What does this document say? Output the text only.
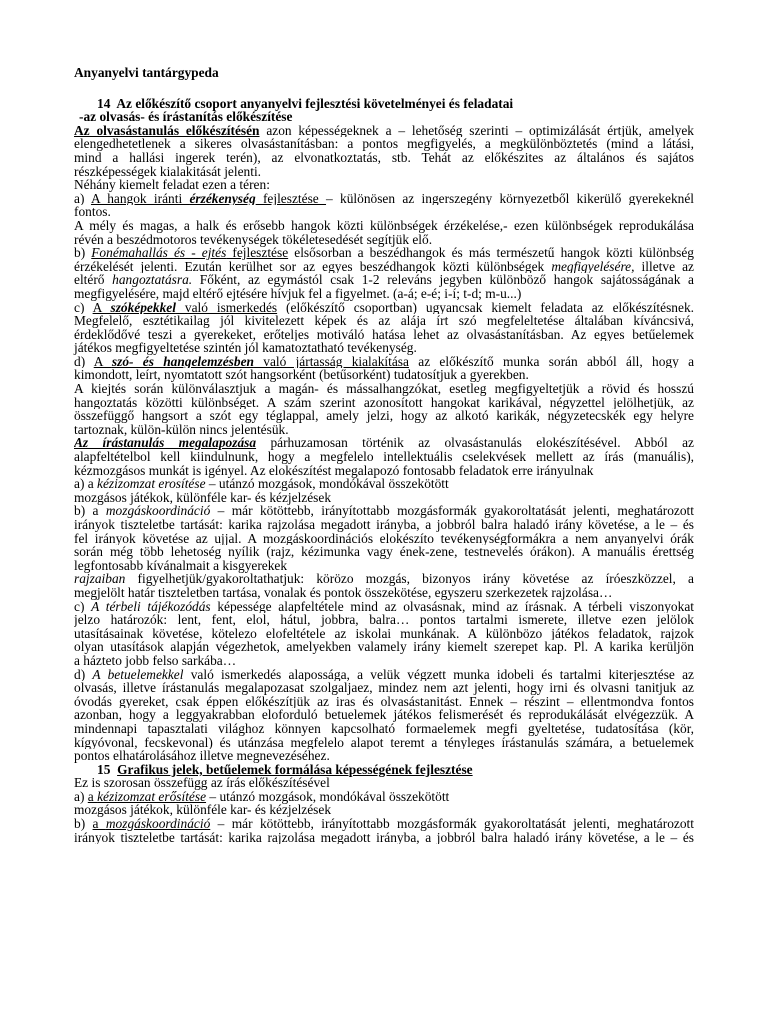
Anyanyelvi tantárgypeda
14 Az előkészítő csoport anyanyelvi fejlesztési követelményei és feladatai
-az olvasás- és írástanítás előkészítése
Az olvasástanulás előkészítésén azon képességeknek a – lehetőség szerinti – optimizálását értjük, amelyek
elengedhetetlenek a sikeres olvasástanításban: a pontos megfigyelés, a megkülönböztetés (mind a látási,
mind a hallási ingerek terén), az elvonatkoztatás, stb. Tehát az előkészites az általános és sajátos
részképességek kialakitását jelenti.
Néhány kiemelt feladat ezen a téren:
a) A hangok iránti érzékenység fejlesztése – különösen az ingerszegény környezetből kikerülő gyerekeknél
fontos.
A mély és magas, a halk és erősebb hangok közti különbségek érzékelése,- ezen különbségek reprodukálása
révén a beszédmotoros tevékenységek tökéletesedését segítjük elő.
b) Fonémahallás és - ejtés fejlesztése elsősorban a beszédhangok és más természetű hangok közti különbség
érzékelését jelenti. Ezután kerülhet sor az egyes beszédhangok közti különbségek megfigyelésére, illetve az
eltérő hangoztatásra. Főként, az egymástól csak 1-2 releváns jegyben különböző hangok sajátosságának a
megfigyelésére, majd eltérő ejtésére hívjuk fel a figyelmet. (a-á; e-é; i-í; t-d; m-u...)
c) A szóképekkel való ismerkedés (előkészítő csoportban) ugyancsak kiemelt feladata az előkészítésnek.
Megfelelő, esztétikailag jól kivitelezett képek és az alája írt szó megfeleltetése általában kíváncsivá,
érdeklődővé teszi a gyerekeket, erőteljes motiváló hatása lehet az olvasástanításban. Az egyes betűelemek
játékos megfigyeltetése szintén jól kamatoztatható tevékenység.
d) A szó- és hangelemzésben való jártasság kialakítása az előkészítő munka során abból áll, hogy a
kimondott, leírt, nyomtatott szót hangsorként (betűsorként) tudatosítjuk a gyerekben.
A kiejtés során különválasztjuk a magán- és mássalhangzókat, esetleg megfigyeltetjük a rövid és hosszú
hangoztatás közötti különbséget. A szám szerint azonosított hangokat karikával, négyzettel jelölhetjük, az
összefüggő hangsort a szót egy téglappal, amely jelzi, hogy az alkotó karikák, négyzetecskék egy helyre
tartoznak, külön-külön nincs jelentésük.
Az írástanulás megalapozása párhuzamosan történik az olvasástanulás elokészítésével. Abból az
alapfeltételbol kell kiindulnunk, hogy a megfelelo intellektuális cselekvések mellett az írás (manuális),
kézmozgásos munkát is igényel. Az elokészítést megalapozó fontosabb feladatok erre irányulnak
a) a kézizomzat erosítése – utánzó mozgások, mondókával összekötött
mozgásos játékok, különféle kar- és kézjelzések
b) a mozgáskoordináció – már kötöttebb, irányítottabb mozgásformák gyakoroltatását jelenti, meghatározott
irányok tiszteletbe tartását: karika rajzolása megadott irányba, a jobbról balra haladó irány követése, a le – és
fel irányok követése az ujjal. A mozgáskoordinációs elokészíto tevékenységformákra a nem anyanyelvi órák
során még több lehetoség nyílik (rajz, kézimunka vagy ének-zene, testnevelés órákon). A manuális érettség
legfontosabb kívánalmait a kisgyerekek
rajzaiban figyelhetjük/gyakoroltathatjuk: körözo mozgás, bizonyos irány követése az íróeszközzel, a
megjelölt határ tiszteletben tartása, vonalak és pontok összekötése, egyszeru szerkezetek rajzolása…
c) A térbeli tájékozódás képessége alapfeltétele mind az olvasásnak, mind az írásnak. A térbeli viszonyokat
jelzo határozók: lent, fent, elol, hátul, jobbra, balra… pontos tartalmi ismerete, illetve ezen jelölok
utasításainak követése, kötelezo elofeltétele az iskolai munkának. A különbözo játékos feladatok, rajzok
olyan utasítások alapján végezhetok, amelyekben valamely irány kiemelt szerepet kap. Pl. A karika kerüljön
a házteto jobb felso sarkába…
d) A betuelemekkel való ismerkedés alapossága, a velük végzett munka idobeli és tartalmi kiterjesztése az
olvasás, illetve írástanulás megalapozasat szolgaljaez, mindez nem azt jelenti, hogy irni és olvasni tanitjuk az
óvodás gyereket, csak éppen előkészítjük az iras és olvasástanitást. Ennek – részint – ellentmondva fontos
azonban, hogy a leggyakrabban eloforduló betuelemek játékos felismerését és reprodukálását elvégezzük. A
mindennapi tapasztalati világhoz könnyen kapcsolható formaelemek megfi gyeltetése, tudatosítása (kör,
kígyóvonal, fecskevonal) és utánzása megfelelo alapot teremt a tényleges írástanulás számára, a betuelemek
pontos elhatárolásához illetve megnevezéséhez.
15 Grafikus jelek, betűelemek formálása képességének fejlesztése
Ez is szorosan összefügg az írás előkészítésével
a) a kézizomzat erősítése – utánzó mozgások, mondókával összekötött
mozgásos játékok, különféle kar- és kézjelzések
b) a mozgáskoordináció – már kötöttebb, irányítottabb mozgásformák gyakoroltatását jelenti, meghatározott
irányok tiszteletbe tartását: karika rajzolása megadott irányba, a jobbról balra haladó irány követése, a le – és
